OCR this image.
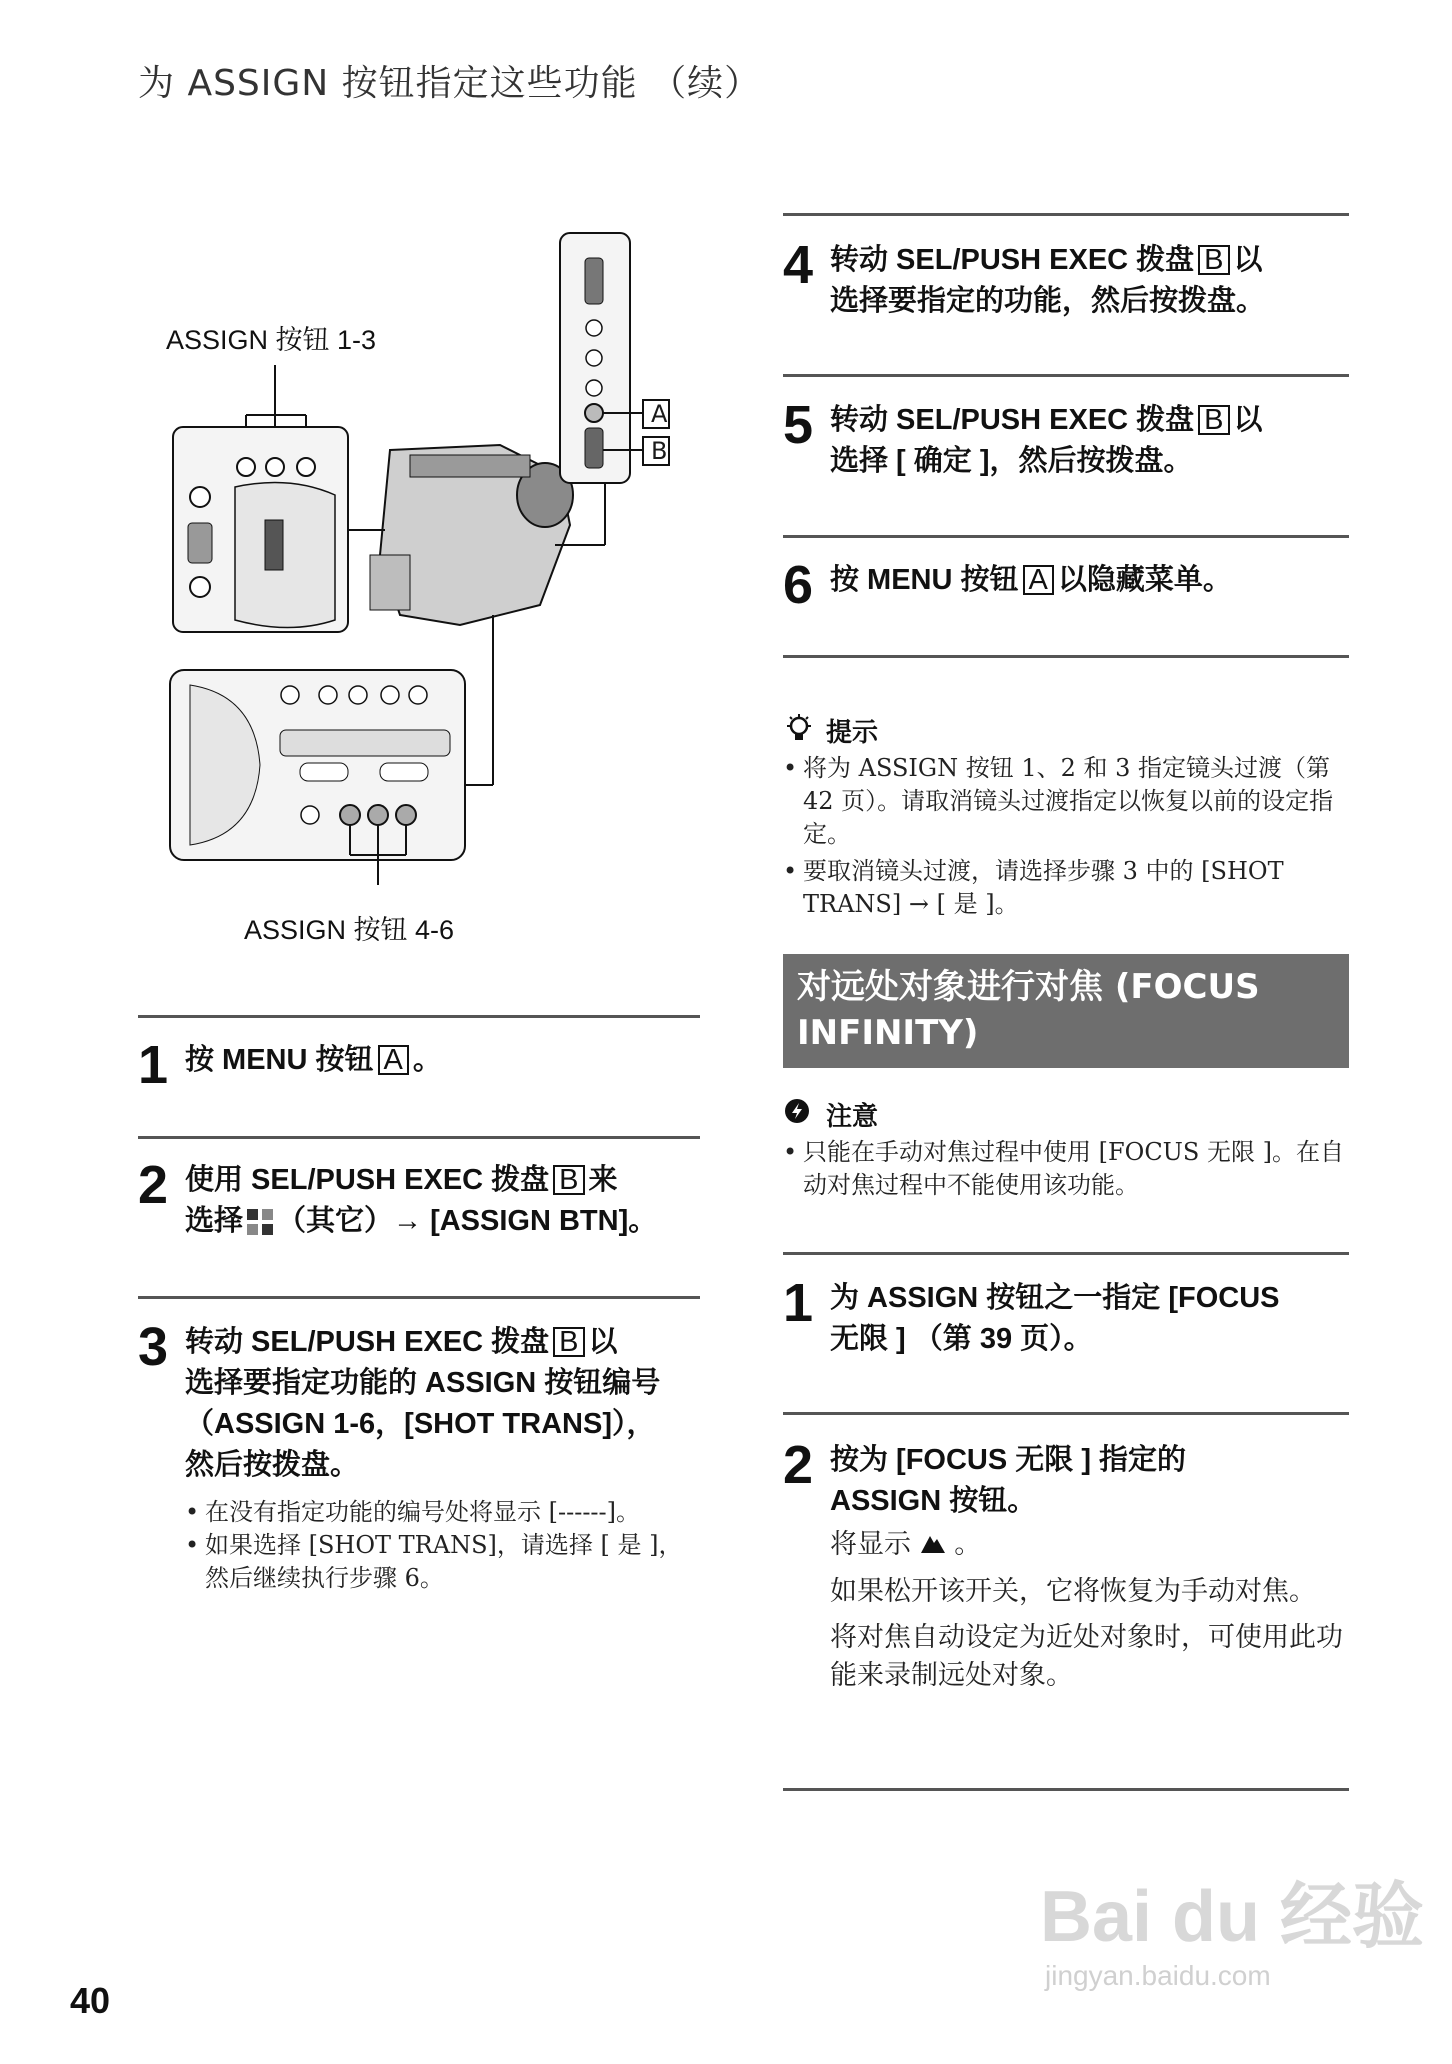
为 ASSIGN 按钮指定这些功能 （续）
ASSIGN 按钮 1-3
ASSIGN 按钮 4-6
A
B
1 按 MENU 按钮 A 。
2 使用 SEL/PUSH EXEC 拨盘 B 来
选择 （其它）→ [ASSIGN BTN]。
3 转动 SEL/PUSH EXEC 拨盘 B 以
选择要指定功能的 ASSIGN 按钮编号
（ASSIGN 1-6，[SHOT TRANS]），
然后按拨盘。
• 在没有指定功能的编号处将显示 [------]。
• 如果选择 [SHOT TRANS]，请选择 [ 是 ]，然后继续执行步骤 6。
4 转动 SEL/PUSH EXEC 拨盘 B 以
选择要指定的功能，然后按拨盘。
5 转动 SEL/PUSH EXEC 拨盘 B 以
选择 [ 确定 ]，然后按拨盘。
6 按 MENU 按钮 A 以隐藏菜单。
提示
• 将为 ASSIGN 按钮 1、2 和 3 指定镜头过渡（第 42 页）。请取消镜头过渡指定以恢复以前的设定指定。
• 要取消镜头过渡，请选择步骤 3 中的 [SHOT TRANS] → [ 是 ]。
对远处对象进行对焦 (FOCUS INFINITY)
注意
• 只能在手动对焦过程中使用 [FOCUS 无限 ]。在自动对焦过程中不能使用该功能。
1 为 ASSIGN 按钮之一指定 [FOCUS
无限 ] （第 39 页）。
2 按为 [FOCUS 无限 ] 指定的
ASSIGN 按钮。
将显示 。
如果松开该开关，它将恢复为手动对焦。
将对焦自动设定为近处对象时，可使用此功能来录制远处对象。
40
Bai du 经验
jingyan.baidu.com
